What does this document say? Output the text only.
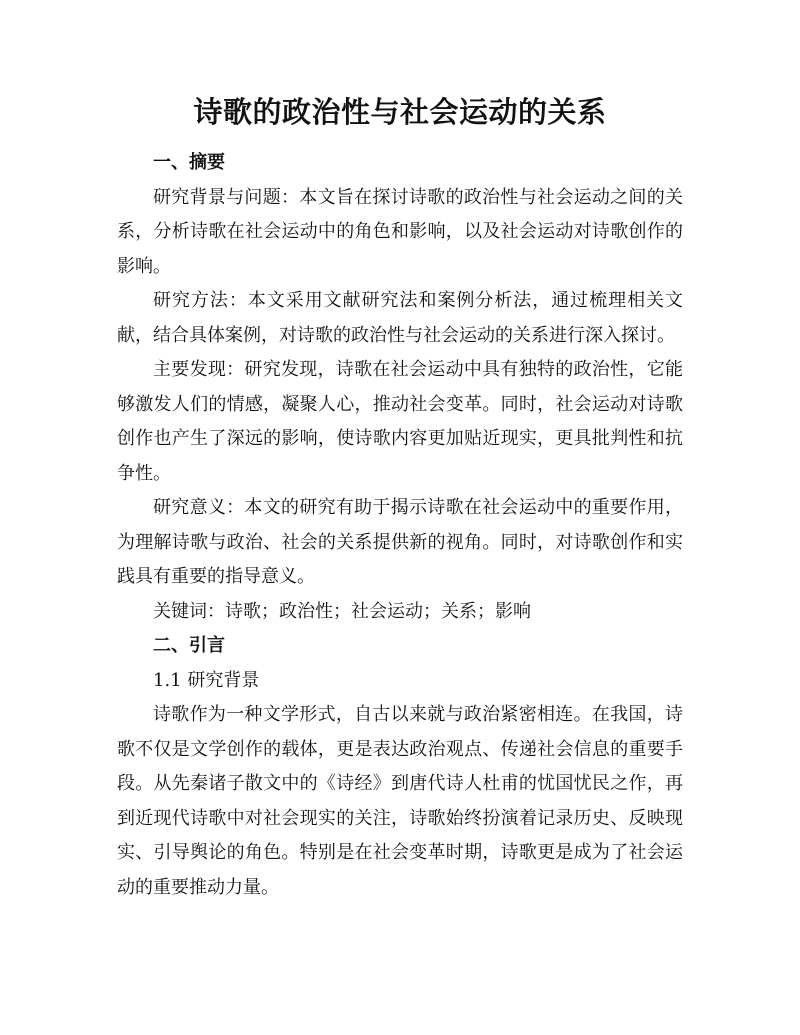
诗歌的政治性与社会运动的关系

一、摘要

研究背景与问题：本文旨在探讨诗歌的政治性与社会运动之间的关系，分析诗歌在社会运动中的角色和影响，以及社会运动对诗歌创作的影响。

研究方法：本文采用文献研究法和案例分析法，通过梳理相关文献，结合具体案例，对诗歌的政治性与社会运动的关系进行深入探讨。

主要发现：研究发现，诗歌在社会运动中具有独特的政治性，它能够激发人们的情感，凝聚人心，推动社会变革。同时，社会运动对诗歌创作也产生了深远的影响，使诗歌内容更加贴近现实，更具批判性和抗争性。

研究意义：本文的研究有助于揭示诗歌在社会运动中的重要作用，为理解诗歌与政治、社会的关系提供新的视角。同时，对诗歌创作和实践具有重要的指导意义。

关键词：诗歌；政治性；社会运动；关系；影响

二、引言

1.1 研究背景

诗歌作为一种文学形式，自古以来就与政治紧密相连。在我国，诗歌不仅是文学创作的载体，更是表达政治观点、传递社会信息的重要手段。从先秦诸子散文中的《诗经》到唐代诗人杜甫的忧国忧民之作，再到近现代诗歌中对社会现实的关注，诗歌始终扮演着记录历史、反映现实、引导舆论的角色。特别是在社会变革时期，诗歌更是成为了社会运动的重要推动力量。
